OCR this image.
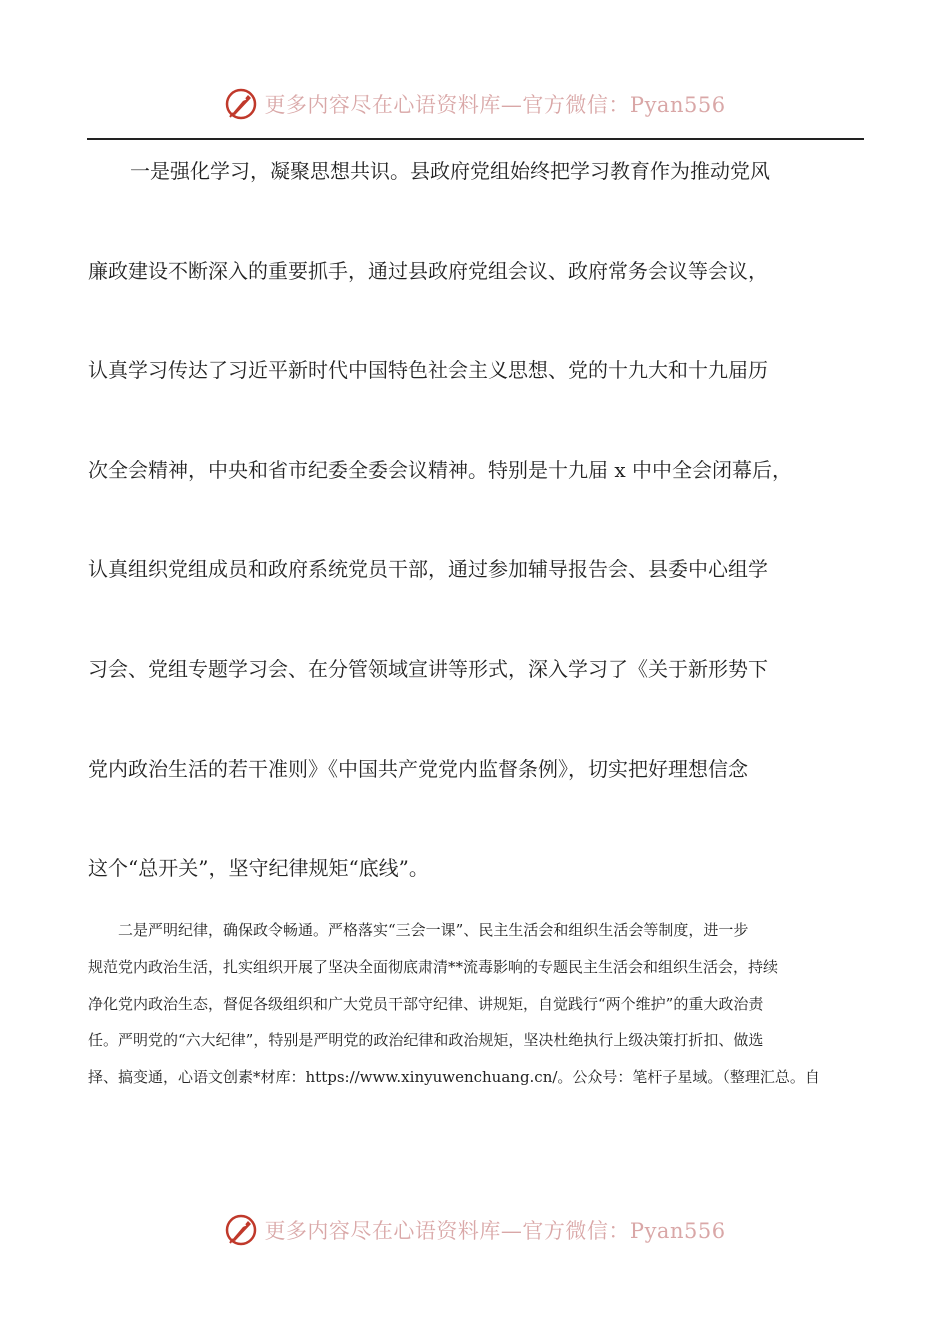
更多内容尽在心语资料库—官方微信：Pyan556
一是强化学习，凝聚思想共识。县政府党组始终把学习教育作为推动党风
廉政建设不断深入的重要抓手，通过县政府党组会议、政府常务会议等会议，
认真学习传达了习近平新时代中国特色社会主义思想、党的十九大和十九届历
次全会精神，中央和省市纪委全委会议精神。特别是十九届 x 中中全会闭幕后，
认真组织党组成员和政府系统党员干部，通过参加辅导报告会、县委中心组学
习会、党组专题学习会、在分管领域宣讲等形式，深入学习了《关于新形势下
党内政治生活的若干准则》《中国共产党党内监督条例》，切实把好理想信念
这个“总开关”，坚守纪律规矩“底线”。
二是严明纪律，确保政令畅通。严格落实“三会一课”、民主生活会和组织生活会等制度，进一步
规范党内政治生活，扎实组织开展了坚决全面彻底肃清**流毒影响的专题民主生活会和组织生活会，持续
净化党内政治生态，督促各级组织和广大党员干部守纪律、讲规矩，自觉践行“两个维护”的重大政治责
任。严明党的“六大纪律”，特别是严明党的政治纪律和政治规矩，坚决杜绝执行上级决策打折扣、做选
择、搞变通，心语文创素*材库：https://www.xinyuwenchuang.cn/。公众号：笔杆子星域。（整理汇总。自
更多内容尽在心语资料库—官方微信：Pyan556
